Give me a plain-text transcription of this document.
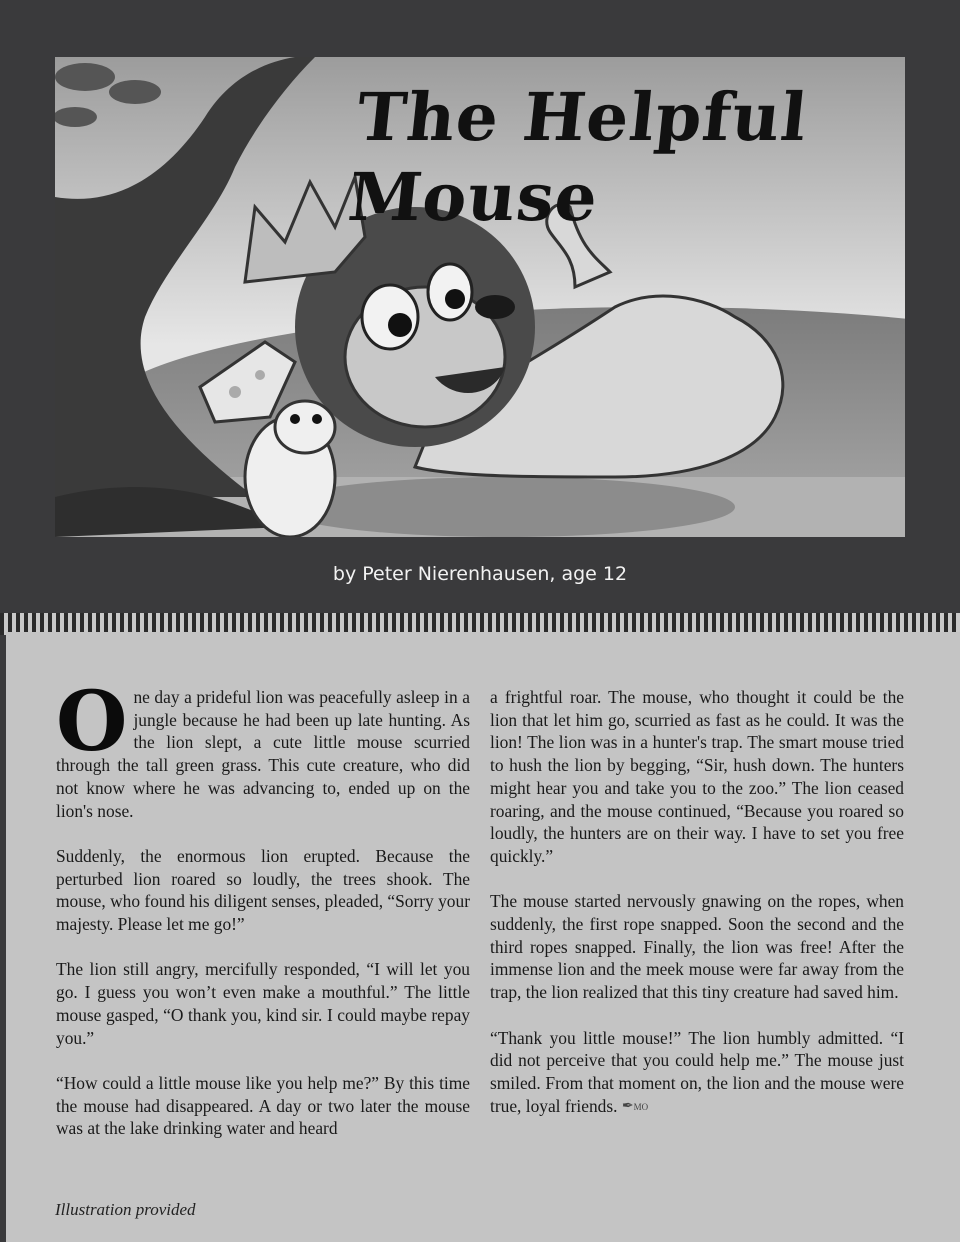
The Helpful Mouse
by Peter Nierenhausen, age 12

One day a prideful lion was peacefully asleep in a jungle because he had been up late hunting. As the lion slept, a cute little mouse scurried through the tall green grass. This cute creature, who did not know where he was advancing to, ended up on the lion's nose.

Suddenly, the enormous lion erupted. Because the perturbed lion roared so loudly, the trees shook. The mouse, who found his diligent senses, pleaded, “Sorry your majesty. Please let me go!”

The lion still angry, mercifully responded, “I will let you go. I guess you won’t even make a mouthful.” The little mouse gasped, “O thank you, kind sir. I could maybe repay you.”

“How could a little mouse like you help me?” By this time the mouse had disappeared. A day or two later the mouse was at the lake drinking water and heard

a frightful roar. The mouse, who thought it could be the lion that let him go, scurried as fast as he could. It was the lion! The lion was in a hunter's trap. The smart mouse tried to hush the lion by begging, “Sir, hush down. The hunters might hear you and take you to the zoo.” The lion ceased roaring, and the mouse continued, “Because you roared so loudly, the hunters are on their way. I have to set you free quickly.”

The mouse started nervously gnawing on the ropes, when suddenly, the first rope snapped. Soon the second and the third ropes snapped. Finally, the lion was free! After the immense lion and the meek mouse were far away from the trap, the lion realized that this tiny creature had saved him.

“Thank you little mouse!” The lion humbly admitted. “I did not perceive that you could help me.” The mouse just smiled. From that moment on, the lion and the mouse were true, loyal friends. ✒MO

Illustration provided
